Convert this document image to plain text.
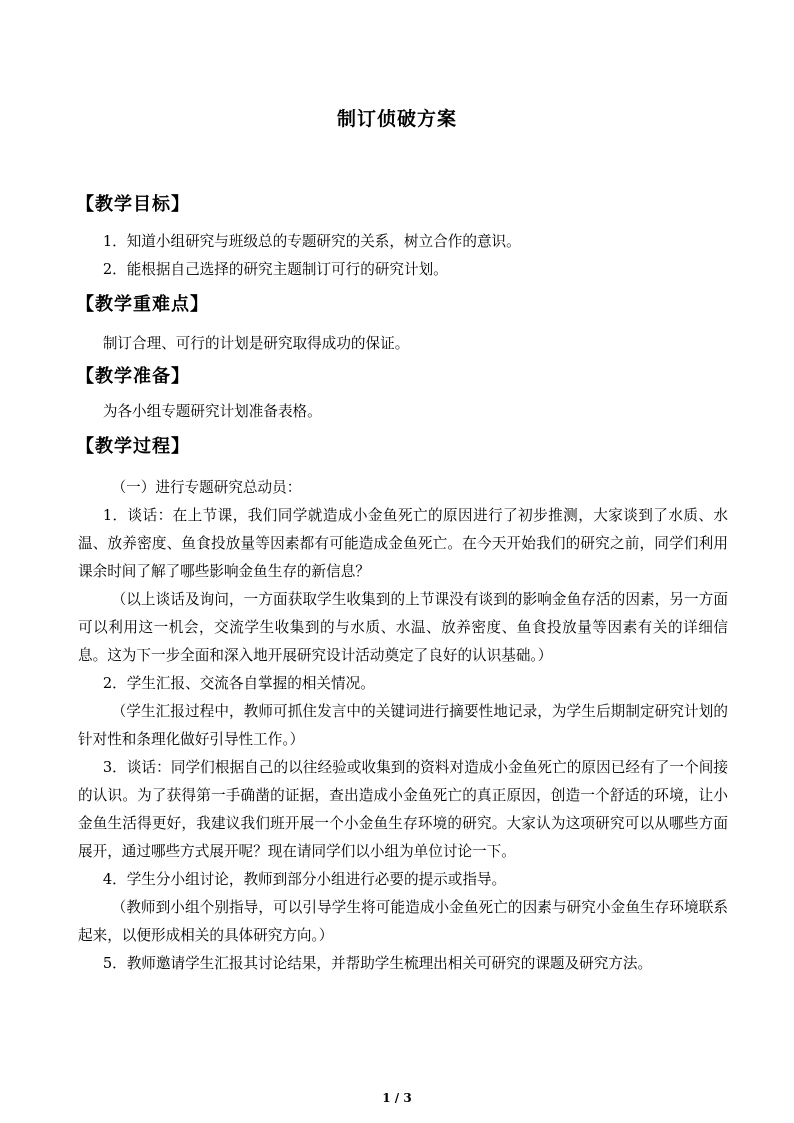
制订侦破方案
【教学目标】

1．知道小组研究与班级总的专题研究的关系，树立合作的意识。

2．能根据自己选择的研究主题制订可行的研究计划。

【教学重难点】

制订合理、可行的计划是研究取得成功的保证。

【教学准备】

为各小组专题研究计划准备表格。

【教学过程】

（一）进行专题研究总动员：

1．谈话：在上节课，我们同学就造成小金鱼死亡的原因进行了初步推测，大家谈到了水质、水温、放养密度、鱼食投放量等因素都有可能造成金鱼死亡。在今天开始我们的研究之前，同学们利用课余时间了解了哪些影响金鱼生存的新信息？

（以上谈话及询问，一方面获取学生收集到的上节课没有谈到的影响金鱼存活的因素，另一方面可以利用这一机会，交流学生收集到的与水质、水温、放养密度、鱼食投放量等因素有关的详细信息。这为下一步全面和深入地开展研究设计活动奠定了良好的认识基础。）

2．学生汇报、交流各自掌握的相关情况。

（学生汇报过程中，教师可抓住发言中的关键词进行摘要性地记录，为学生后期制定研究计划的针对性和条理化做好引导性工作。）

3．谈话：同学们根据自己的以往经验或收集到的资料对造成小金鱼死亡的原因已经有了一个间接的认识。为了获得第一手确凿的证据，查出造成小金鱼死亡的真正原因，创造一个舒适的环境，让小金鱼生活得更好，我建议我们班开展一个小金鱼生存环境的研究。大家认为这项研究可以从哪些方面展开，通过哪些方式展开呢？现在请同学们以小组为单位讨论一下。

4．学生分小组讨论，教师到部分小组进行必要的提示或指导。

（教师到小组个别指导，可以引导学生将可能造成小金鱼死亡的因素与研究小金鱼生存环境联系起来，以便形成相关的具体研究方向。）

5．教师邀请学生汇报其讨论结果，并帮助学生梳理出相关可研究的课题及研究方法。

1 / 3
